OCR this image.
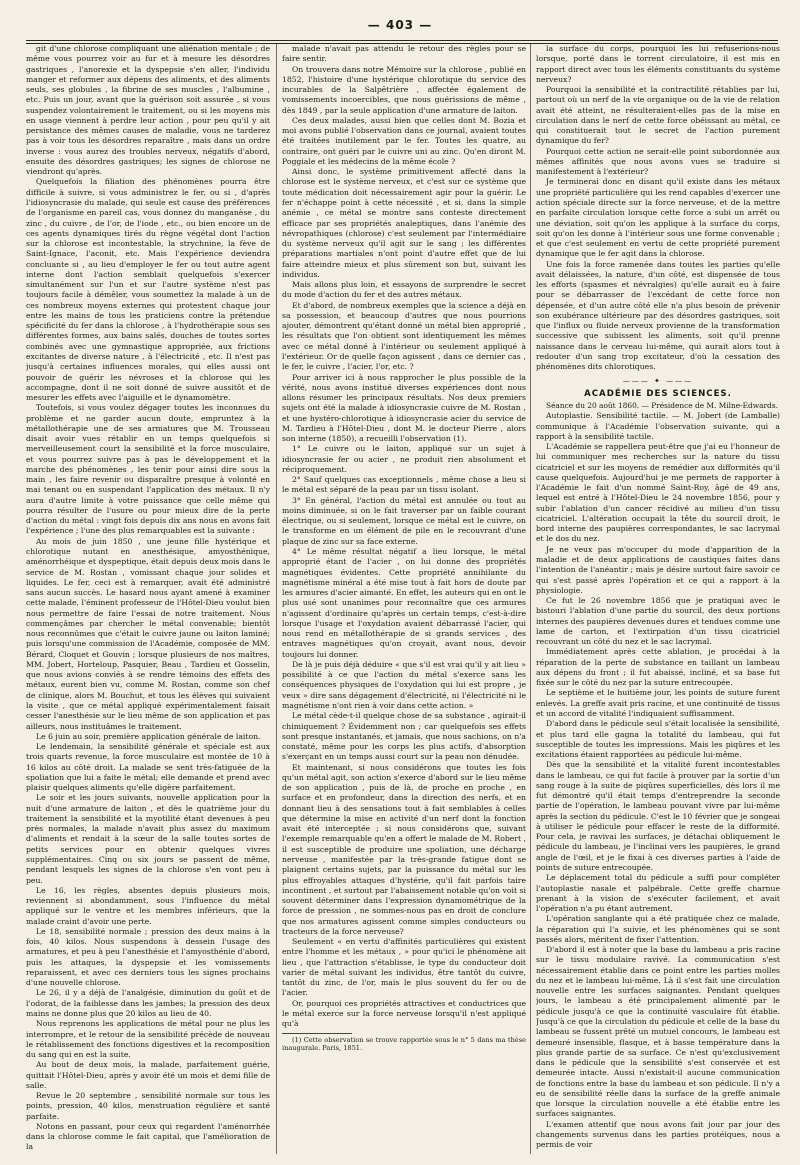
— 403 —

git d'une chlorose compliquant une aliénation mentale ; de même vous pourrez voir au fur et à mesure les désordres gastriques , l'anorexie et la dyspepsie s'en aller, l'individu manger et reformer aux dépens des aliments, et des aliments seuls, ses globules , la fibrine de ses muscles , l'albumine , etc. Puis un jour, avant que la guérison soit assurée , si vous suspendez volontairement le traitement, ou si les moyens mis en usage viennent à perdre leur action , pour peu qu'il y ait persistance des mêmes causes de maladie, vous ne tarderez pas à voir tous les désordres reparaître , mais dans un ordre inverse : vous aurez des troubles nerveux, négatifs d'abord, ensuite des désordres gastriques; les signes de chlorose ne viendront qu'après.

Quelquefois la filiation des phénomènes pourra être difficile à suivre, si vous administrez le fer, ou si , d'après l'idiosyncrasie du malade, qui seule est cause des préférences de l'organisme en pareil cas, vous donnez du manganèse , du zinc , du cuivre , de l'or, de l'iode , etc., ou bien encore un de ces agents dynamiques tirés du règne végétal dont l'action sur la chlorose est incontestable, la strychnine, la fève de Saint-Ignace, l'aconit, etc. Mais l'expérience deviendra concluante si , au lieu d'employer le fer ou tout autre agent interne dont l'action semblait quelquefois s'exercer simultanément sur l'un et sur l'autre système n'est pas toujours facile à démêler, vous soumettez la malade à un de ces nombreux moyens externes qui protestent chaque jour entre les mains de tous les praticiens contre la prétendue spécificité du fer dans la chlorose , à l'hydrothérapie sous ses différentes formes, aux bains salés, douches de toutes sortes combinés avec une gymnastique appropriée, aux frictions excitantes de diverse nature , à l'électricité , etc. Il n'est pas jusqu'à certaines influences morales, qui elles aussi ont pouvoir de guérir les névroses et la chlorose qui les accompagne, dont il ne soit donné de suivre aussitôt et de mesurer les effets avec l'aiguille et le dynamomètre.

Toutefois, si vous voulez dégager toutes les inconnues du problème et ne garder aucun doute, empruntez à la métallothérapie une de ses armatures que M. Trousseau disait avoir vues rétablir en un temps quelquefois si merveilleusement court la sensibilité et la force musculaire, et vous pourrez suivre pas à pas le développement et la marche des phénomènes , les tenir pour ainsi dire sous la main , les faire revenir ou disparaître presque à volonté en mai tenant ou en suspendant l'application des métaux. Il n'y aura d'autre limite à votre puissance que celle même qui pourra résulter de l'usure ou pour mieux dire de la perte d'action du métal : vingt fois depuis dix ans nous en avons fait l'expérience ; l'une des plus remarquables est la suivante :

Au mois de juin 1850 , une jeune fille hystérique et chlorotique nutant en anesthésique, amyosthénique, aménorrhéique et dyspeptique, était depuis deux mois dans le service de M. Rostan , vomissant chaque jour solides et liquides. Le fer, ceci est à remarquer, avait été administré sans aucun succès. Le hasard nous ayant amené à examiner cette malade, l'éminent professeur de l'Hôtel-Dieu voulut bien nous permettre de faire l'essai de notre traitement. Nous commençâmes par chercher le métal convenable; bientôt nous reconnûmes que c'était le cuivre jaune ou laiton laminé; puis lorsqu'une commission de l'Académie, composée de MM. Bérard, Cloquet et Gouvin ; lorsque plusieurs de nos maîtres, MM. Jobert, Horteloup, Pasquier, Beau , Tardieu et Gosselin, que nous avions conviés à se rendre témoins des effets des métaux, eurent bien vu, comme M. Rostan, comme son chef de clinique, alors M. Bouchut, et tous les élèves qui suivaient la visite , que ce métal appliqué expérimentalement faisait cesser l'anesthésie sur le lieu même de son application et pas ailleurs, nous instituâmes le traitement.

Le 6 juin au soir, première application générale de laiton.

Le lendemain, la sensibilité générale et spéciale est aux trois quarts revenue, la force musculaire est montée de 10 à 16 kilos au côté droit. La malade se sent très-fatiguée de la spoliation que lui a faite le métal; elle demande et prend avec plaisir quelques aliments qu'elle digère parfaitement.

Le soir et les jours suivants, nouvelle application pour la nuit d'une armature de laiton , et dès le quatrième jour du traitement la sensibilité et la myotilité étant devenues à peu près normales, la malade n'avait plus assez du maximum d'aliments et rendait à la sœur de la salle toutes sortes de petits services pour en obtenir quelques vivres supplémentaires. Cinq ou six jours se passent de même, pendant lesquels les signes de la chlorose s'en vont peu à peu.

Le 16, les règles, absentes depuis plusieurs mois, reviennent si abondamment, sous l'influence du métal appliqué sur le ventre et les membres inférieurs, que la malade craint d'avoir une perte.

Le 18, sensibilité normale ; pression des deux mains à la fois, 40 kilos. Nous suspendons à dessein l'usage des armatures, et peu à peu l'anesthésie et l'amyosthénie d'abord, puis les attaques, la dyspepsie et les vomissements reparaissent, et avec ces derniers tous les signes prochains d'une nouvelle chlorose.

Le 26, il y a déjà de l'analgésie, diminution du goût et de l'odorat, de la faiblesse dans les jambes; la pression des deux mains ne donne plus que 20 kilos au lieu de 40.

Nous reprenons les applications de métal pour ne plus les interrompre, et le retour de la sensibilité précède de nouveau le rétablissement des fonctions digestives et la recomposition du sang qui en est la suite.

Au bout de deux mois, la malade, parfaitement guérie, quittait l'Hôtel-Dieu, après y avoir été un mois et demi fille de salle.

Revue le 20 septembre , sensibilité normale sur tous les points, pression, 40 kilos, menstruation régulière et santé parfaite.

Notons en passant, pour ceux qui regardent l'aménorrhée dans la chlorose comme le fait capital, que l'amélioration de la

malade n'avait pas attendu le retour des règles pour se faire sentir.

On trouvera dans notre Mémoire sur la chlorose , publié en 1852, l'histoire d'une hystérique chlorotique du service des incurables de la Salpêtrière , affectée également de vomissements incoercibles, que nous guérissions de même , dès 1849 , par la seule application d'une armature de laiton.

Ces deux malades, aussi bien que celles dont M. Bozia et moi avons publié l'observation dans ce journal, avaient toutes été traitées inutilement par le fer. Toutes les quatre, au contraire, ont guéri par le cuivre uni au zinc. Qu'en diront M. Poggiale et les médecins de la même école ?

Ainsi donc, le système primitivement affecté dans la chlorose est le système nerveux, et c'est sur ce système que toute médication doit nécessairement agir pour la guérir. Le fer n'échappe point à cette nécessité , et si, dans la simple anémie , ce métal se montre sans conteste directement efficace par ses propriétés analeptiques, dans l'anémie des névropathiques (chlorose) c'est seulement par l'intermédiaire du système nerveux qu'il agit sur le sang ; les différentes préparations martiales n'ont point d'autre effet que de lui faire atteindre mieux et plus sûrement son but, suivant les individus.

Mais allons plus loin, et essayons de surprendre le secret du mode d'action du fer et des autres métaux.

Et d'abord, de nombreux exemples que la science a déjà en sa possession, et beaucoup d'autres que nous pourrions ajouter, démontrent qu'étant donné un métal bien approprié , les résultats que l'on obtient sont identiquement les mêmes avec ce métal donné à l'intérieur ou seulement appliqué à l'extérieur. Or de quelle façon agissent , dans ce dernier cas , le fer, le cuivre , l'acier, l'or, etc. ?

Pour arriver ici à nous rapprocher le plus possible de la vérité, nous avons institué diverses expériences dont nous allons résumer les principaux résultats. Nos deux premiers sujets ont été la malade à idiosyncrasie cuivre de M. Rostan , et une hystéro-chlorotique à idiosyncrasie acier du service de M. Tardieu à l'Hôtel-Dieu , dont M. le docteur Pierre , alors son interne (1850), a recueilli l'observation (1).

1° Le cuivre ou le laiton, appliqué sur un sujet à idiosyncrasie fer ou acier , ne produit rien absolument et réciproquement.

2° Sauf quelques cas exceptionnels , même chose a lieu si le métal est séparé de la peau par un tissu isolant.

3° En général, l'action du métal est annulée ou tout au moins diminuée, si on le fait traverser par un faible courant électrique, ou si seulement, lorsque ce métal est le cuivre, on le transforme en un élément de pile en le recouvrant d'une plaque de zinc sur sa face externe.

4° Le même résultat négatif a lieu lorsque, le métal approprié étant de l'acier , on lui donne des propriétés magnétiques évidentes. Cette propriété annihilante du magnétisme minéral a été mise tout à fait hors de doute par les armures d'acier aimanté. En effet, les auteurs qui en ont le plus usé sont unanimes pour reconnaître que ces armures n'agissent d'ordinaire qu'après un certain temps, c'est-à-dire lorsque l'usage et l'oxydation avaient débarrassé l'acier, qui nous rend en métallothérapie de si grands services , des entraves magnétiques qu'on croyait, avant nous, devoir toujours lui donner.

De là je puis déjà déduire « que s'il est vrai qu'il y ait lieu » possibilité à ce que l'action du métal s'exerce sans les conséquences physiques de l'oxydation qui lui est propre , je veux » dire sans dégagement d'électricité, ni l'électricité ni le magnétisme n'ont rien à voir dans cette action. »

Le métal cède-t-il quelque chose de sa substance , agirait-il chimiquement ? Évidemment non ; car quelquefois ses effets sont presque instantanés, et jamais, que nous sachions, on n'a constaté, même pour les corps les plus actifs, d'absorption s'exerçant en un temps aussi court sur la peau non dénudée.

Et maintenant, si nous considérons que toutes les fois qu'un métal agit, son action s'exerce d'abord sur le lieu même de son application , puis de là, de proche en proche , en surface et en profondeur, dans la direction des nerfs, et en donnant lieu à des sensations tout à fait semblables à celles que détermine la mise en activité d'un nerf dont la fonction avait été interceptée ; si nous considérons que, suivant l'exemple remarquable qu'en a offert le malade de M. Robert , il est susceptible de produire une spoliation, une décharge nerveuse , manifestée par la très-grande fatigue dont se plaignent certains sujets, par la puissance du métal sur les plus effroyables attaques d'hystérie, qu'il fait parfois taire incontinent , et surtout par l'abaissement notable qu'on voit si souvent déterminer dans l'expression dynamométrique de la force de pression , ne sommes-nous pas en droit de conclure que nos armatures agissent comme simples conducteurs ou tracteurs de la force nerveuse?

Seulement « en vertu d'affinités particulières qui existent entre l'homme et les métaux , » pour qu'ici le phénomène ait lieu , que l'attraction s'établisse, le type du conducteur doit varier de métal suivant les individus, être tantôt du cuivre, tantôt du zinc, de l'or, mais le plus souvent du fer ou de l'acier.

Or, pourquoi ces propriétés attractives et conductrices que le métal exerce sur la force nerveuse lorsqu'il n'est appliqué qu'à

(1) Cette observation se trouve rapportée sous le n° 5 dans ma thèse inaugurale. Paris, 1851.

la surface du corps, pourquoi les lui refuserions-nous lorsque, porté dans le torrent circulatoire, il est mis en rapport direct avec tous les éléments constituants du système nerveux?

Pourquoi la sensibilité et la contractilité rétablies par lui, partout où un nerf de la vie organique ou de la vie de relation avait été atteint, ne résulteraient-elles pas de la mise en circulation dans le nerf de cette force obéissant au métal, ce qui constituerait tout le secret de l'action purement dynamique du fer?

Pourquoi cette action ne serait-elle point subordonnée aux mêmes affinités que nous avons vues se traduire si manifestement à l'extérieur?

Je terminerai donc en disant qu'il existe dans les métaux une propriété particulière qui les rend capables d'exercer une action spéciale directe sur la force nerveuse, et de la mettre en parfaite circulation lorsque cette force a subi un arrêt ou une déviation, soit qu'on les applique à la surface du corps, soit qu'on les donne à l'intérieur sous une forme convenable ; et que c'est seulement en vertu de cette propriété purement dynamique que le fer agit dans la chlorose.

Une fois la force ramenée dans toutes les parties qu'elle avait délaissées, la nature, d'un côté, est dispensée de tous les efforts (spasmes et névralgies) qu'elle aurait eu à faire pour se débarrasser de l'excédant de cette force non dépensée, et d'un autre côté elle n'a plus besoin de prévenir son exubérance ultérieure par des désordres gastriques, soit que l'influx ou fluide nerveux provienne de la transformation successive que subissent les aliments, soit qu'il prenne naissance dans le cerveau lui-même, qui aurait alors tout à redouter d'un sang trop excitateur, d'où la cessation des phénomènes dits chlorotiques.

——— ✦ ———
ACADÉMIE DES SCIENCES.

Séance du 20 août 1860. — Présidence de M. Milne-Edwards.

Autoplastie. Sensibilité tactile. — M. Jobert (de Lamballe) communique à l'Académie l'observation suivante, qui a rapport à la sensibilité tactile.

L'Académie se rappellera peut-être que j'ai eu l'honneur de lui communiquer mes recherches sur la nature du tissu cicatriciel et sur les moyens de remédier aux difformités qu'il cause quelquefois. Aujourd'hui je me permets de rapporter à l'Académie le fait d'un nommé Saint-Roy, âgé de 49 ans, lequel est entré à l'Hôtel-Dieu le 24 novembre 1856, pour y subir l'ablation d'un cancer récidivé au milieu d'un tissu cicatriciel. L'altération occupait la tête du sourcil droit, le bord interne des paupières correspondantes, le sac lacrymal et le dos du nez.

Je ne veux pas m'occuper du mode d'apparition de la maladie et de deux applications de caustiques faites dans l'intention de l'anéantir ; mais je désire surtout faire savoir ce qui s'est passé après l'opération et ce qui a rapport à la physiologie.

Ce fut le 26 novembre 1856 que je pratiquai avec le bistouri l'ablation d'une partie du sourcil, des deux portions internes des paupières devenues dures et tendues comme une lame de carton, et l'extirpation d'un tissu cicatriciel recouvrant un côté du nez et le sac lacrymal.

Immédiatement après cette ablation, je procédai à la réparation de la perte de substance en taillant un lambeau aux dépens du front ; il fut abaissé, incliné, et sa base fut fixée sur le côté du nez par la suture entrecoupée.

Le septième et le huitième jour, les points de suture furent enlevés. La greffe avait pris racine, et une continuité de tissus et un accord de vitalité l'indiquaient suffisamment.

D'abord dans le pédicule seul s'était localisée la sensibilité, et plus tard elle gagna la totalité du lambeau, qui fut susceptible de toutes les impressions. Mais les piqûres et les excitations étaient rapportées au pédicule lui-même.

Dès que la sensibilité et la vitalité furent incontestables dans le lambeau, ce qui fut facile à prouver par la sortie d'un sang rouge à la suite de piqûres superficielles, dès lors il me fut démontré qu'il était temps d'entreprendre la seconde partie de l'opération, le lambeau pouvant vivre par lui-même après la section du pédicule. C'est le 10 février que je songeai à utiliser le pédicule pour effacer le reste de la difformité. Pour cela, je ravivai les surfaces, je détachai obliquement le pédicule du lambeau, je l'inclinai vers les paupières, le grand angle de l'œil, et je le fixai à ces diverses parties à l'aide de points de suture entrecoupée.

Le déplacement total du pédicule a suffi pour compléter l'autoplastie nasale et palpébrale. Cette greffe charnue prenant à la vision de s'exécuter facilement, et avait l'opération n'a pu étant autrement.

L'opération sanglante qui a été pratiquée chez ce malade, la réparation qui l'a suivie, et les phénomènes qui se sont passés alors, méritent de fixer l'attention.

D'abord il est à noter que la base du lambeau a pris racine sur le tissu modulaire ravivé. La communication s'est nécessairement établie dans ce point entre les parties molles du nez et le lambeau lui-même. Là il s'est fait une circulation nouvelle entre les surfaces saignantes. Pendant quelques jours, le lambeau a été principalement alimenté par le pédicule jusqu'à ce que la continuité vasculaire fût établie. Jusqu'à ce que la circulation du pédicule et celle de la base du lambeau se fussent prêté un mutuel concours, le lambeau est demeuré insensible, flasque, et à basse température dans la plus grande partie de sa surface. Ce n'est qu'exclusivement dans le pédicule que la sensibilité s'est conservée et est demeurée intacte. Aussi n'existait-il aucune communication de fonctions entre la base du lambeau et son pédicule. Il n'y a eu de sensibilité réelle dans la surface de la greffe animale que lorsque la circulation nouvelle a été établie entre les surfaces saignantes.

L'examen attentif que nous avons fait jour par jour des changements survenus dans les parties protéiques, nous a permis de voir
